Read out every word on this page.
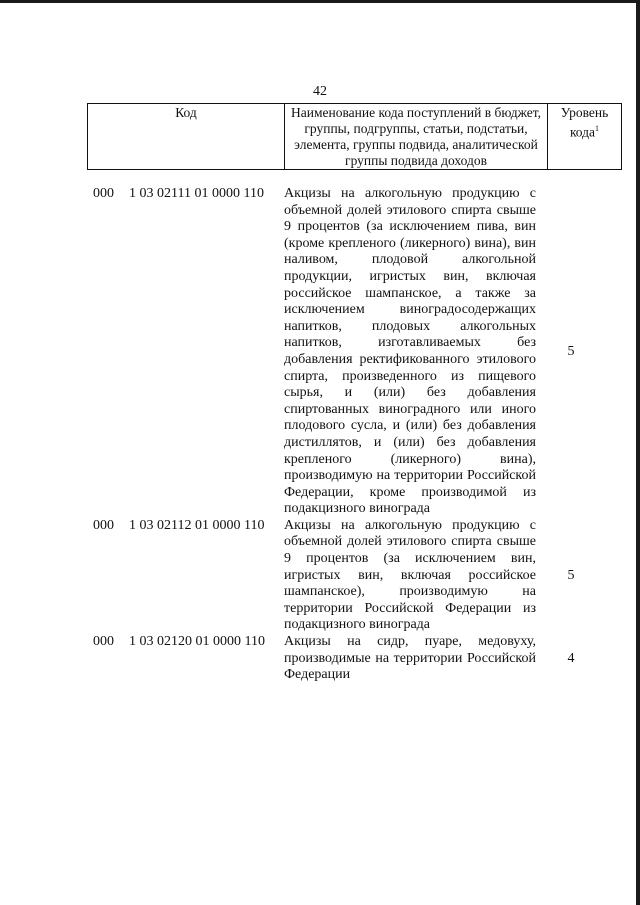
42
Код	Наименование кода поступлений в бюджет, группы, подгруппы, статьи, подстатьи, элемента, группы подвида, аналитической группы подвида доходов	Уровень кода$^1$
000	1 03 02111 01 0000 110	Акцизы на алкогольную продукцию с объемной долей этилового спирта свыше 9 процентов (за исключением пива, вин (кроме крепленого (ликерного) вина), вин наливом, плодовой алкогольной продукции, игристых вин, включая российское шампанское, а также за исключением виноградосодержащих напитков, плодовых алкогольных напитков, изготавливаемых без добавления ректификованного этилового спирта, произведенного из пищевого сырья, и (или) без добавления спиртованных виноградного или иного плодового сусла, и (или) без добавления дистиллятов, и (или) без добавления крепленого (ликерного) вина), производимую на территории Российской Федерации, кроме производимой из подакцизного винограда
5
000	1 03 02112 01 0000 110	Акцизы на алкогольную продукцию с объемной долей этилового спирта свыше 9 процентов (за исключением вин, игристых вин, включая российское шампанское), производимую на территории Российской Федерации из подакцизного винограда
5
000	1 03 02120 01 0000 110	Акцизы на сидр, пуаре, медовуху, производимые на территории Российской Федерации
4
